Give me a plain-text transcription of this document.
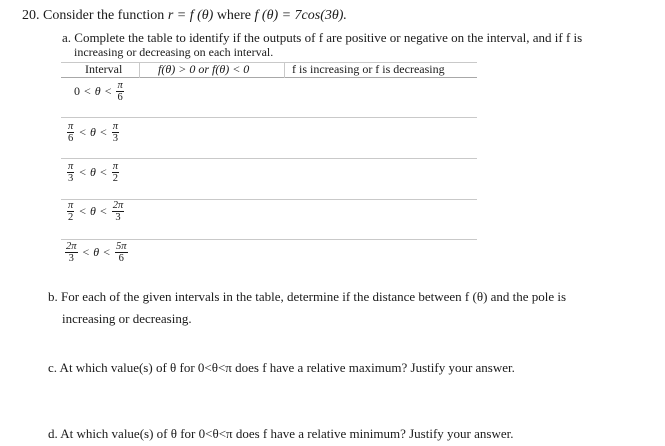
20. Consider the function r = f (θ) where f (θ) = 7cos(3θ).
a. Complete the table to identify if the outputs of f are positive or negative on the interval, and if f is
increasing or decreasing on each interval.
Interval	f(θ) > 0 or f(θ) < 0	f is increasing or f is decreasing
$0 < \theta < \frac{\pi}{6}$
$\frac{\pi}{6} < \theta < \frac{\pi}{3}$
$\frac{\pi}{3} < \theta < \frac{\pi}{2}$
$\frac{\pi}{2} < \theta < \frac{2\pi}{3}$
$\frac{2\pi}{3} < \theta < \frac{5\pi}{6}$
b. For each of the given intervals in the table, determine if the distance between f (θ) and the pole is
increasing or decreasing.
c. At which value(s) of θ for 0<θ<π does f have a relative maximum? Justify your answer.
d. At which value(s) of θ for 0<θ<π does f have a relative minimum? Justify your answer.
